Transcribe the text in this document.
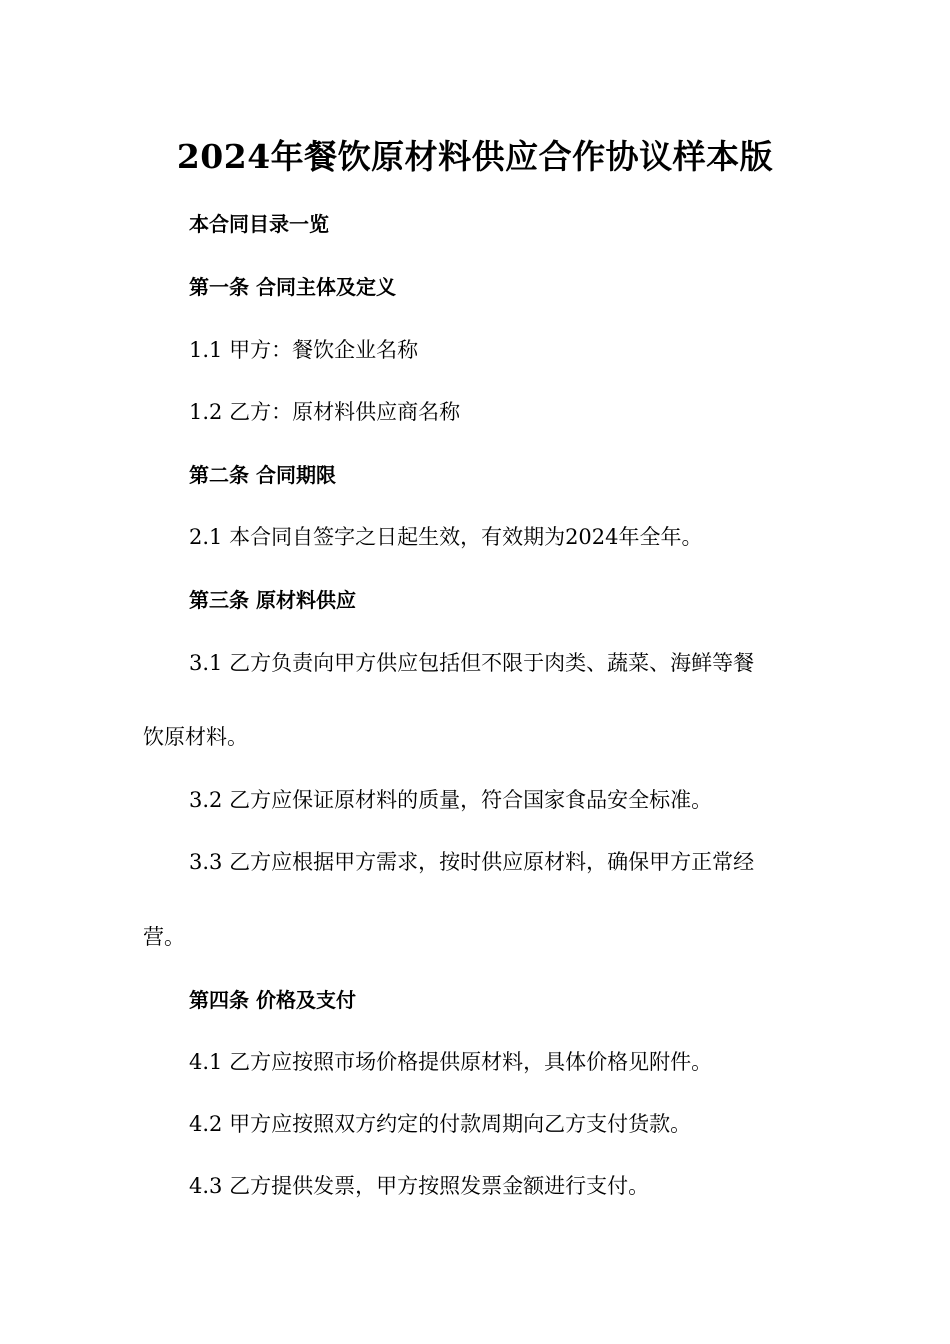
2024年餐饮原材料供应合作协议样本版

本合同目录一览

第一条 合同主体及定义

1.1 甲方：餐饮企业名称

1.2 乙方：原材料供应商名称

第二条 合同期限

2.1 本合同自签字之日起生效，有效期为2024年全年。

第三条 原材料供应

3.1 乙方负责向甲方供应包括但不限于肉类、蔬菜、海鲜等餐

饮原材料。

3.2 乙方应保证原材料的质量，符合国家食品安全标准。

3.3 乙方应根据甲方需求，按时供应原材料，确保甲方正常经

营。

第四条 价格及支付

4.1 乙方应按照市场价格提供原材料，具体价格见附件。

4.2 甲方应按照双方约定的付款周期向乙方支付货款。

4.3 乙方提供发票，甲方按照发票金额进行支付。
